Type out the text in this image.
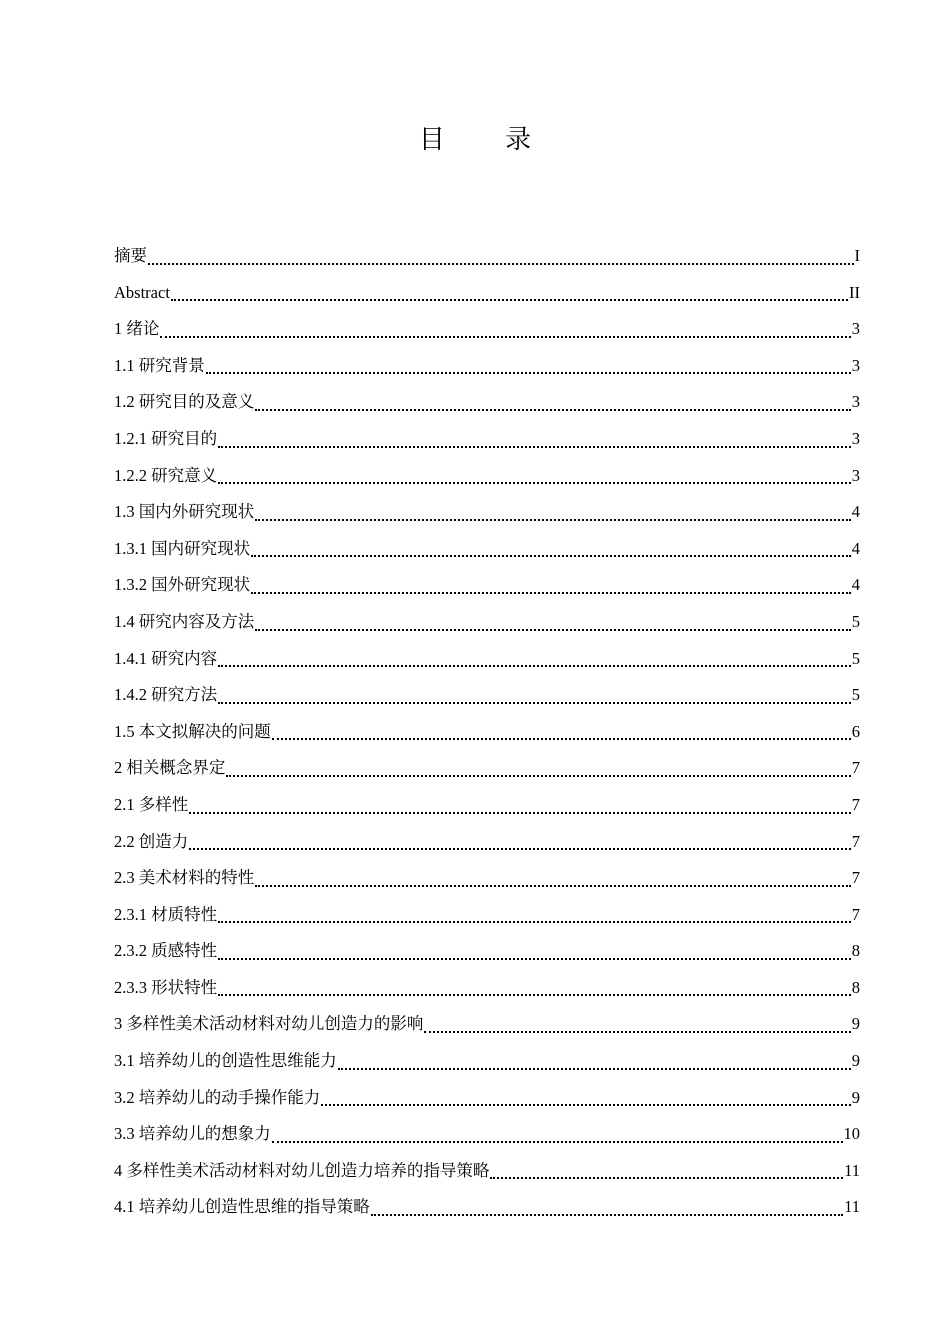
目 录
摘要	I
Abstract	II
1 绪论	3
1.1 研究背景	3
1.2 研究目的及意义	3
1.2.1 研究目的	3
1.2.2 研究意义	3
1.3 国内外研究现状	4
1.3.1 国内研究现状	4
1.3.2 国外研究现状	4
1.4 研究内容及方法	5
1.4.1 研究内容	5
1.4.2 研究方法	5
1.5 本文拟解决的问题	6
2 相关概念界定	7
2.1 多样性	7
2.2 创造力	7
2.3 美术材料的特性	7
2.3.1 材质特性	7
2.3.2 质感特性	8
2.3.3 形状特性	8
3 多样性美术活动材料对幼儿创造力的影响	9
3.1 培养幼儿的创造性思维能力	9
3.2 培养幼儿的动手操作能力	9
3.3 培养幼儿的想象力	10
4 多样性美术活动材料对幼儿创造力培养的指导策略	11
4.1 培养幼儿创造性思维的指导策略	11
